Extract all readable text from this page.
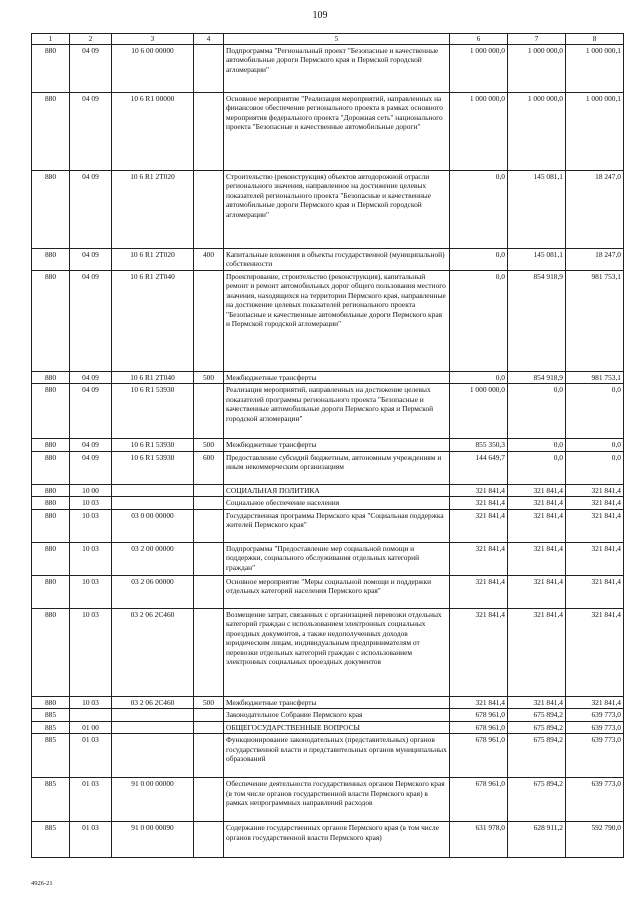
109
1	2	3	4	5	6	7	8
880	04 09	10 6 00 00000		Подпрограмма "Региональный проект "Безопасные и качественные автомобильные дороги Пермского края и Пермской городской агломерации"	1 000 000,0	1 000 000,0	1 000 000,1
880	04 09	10 6 R1 00000		Основное мероприятие "Реализация мероприятий, направленных на финансовое обеспечение регионального проекта в рамках основного мероприятия федерального проекта "Дорожная сеть" национального проекта "Безопасные и качественные автомобильные дороги"	1 000 000,0	1 000 000,0	1 000 000,1
880	04 09	10 6 R1 2Т020		Строительство (реконструкция) объектов автодорожной отрасли регионального значения, направленное на достижение целевых показателей регионального проекта "Безопасные и качественные автомобильные дороги Пермского края и Пермской городской агломерации"	0,0	145 081,1	18 247,0
880	04 09	10 6 R1 2Т020	400	Капитальные вложения в объекты государственной (муниципальной) собственности	0,0	145 081,1	18 247,0
880	04 09	10 6 R1 2Т040		Проектирование, строительство (реконструкция), капитальный ремонт и ремонт автомобильных дорог общего пользования местного значения, находящихся на территории Пермского края, направленные на достижение целевых показателей регионального проекта "Безопасные и качественные автомобильные дороги Пермского края и Пермской городской агломерации"	0,0	854 918,9	981 753,1
880	04 09	10 6 R1 2Т040	500	Межбюджетные трансферты	0,0	854 918,9	981 753,1
880	04 09	10 6 R1 53930		Реализация мероприятий, направленных на достижение целевых показателей программы регионального проекта "Безопасные и качественные автомобильные дороги Пермского края и Пермской городской агломерации"	1 000 000,0	0,0	0,0
880	04 09	10 6 R1 53930	500	Межбюджетные трансферты	855 350,3	0,0	0,0
880	04 09	10 6 R1 53930	600	Предоставление субсидий бюджетным, автономным учреждениям и иным некоммерческим организациям	144 649,7	0,0	0,0
880	10 00			СОЦИАЛЬНАЯ ПОЛИТИКА	321 841,4	321 841,4	321 841,4
880	10 03			Социальное обеспечение населения	321 841,4	321 841,4	321 841,4
880	10 03	03 0 00 00000		Государственная программа Пермского края "Социальная поддержка жителей Пермского края"	321 841,4	321 841,4	321 841,4
880	10 03	03 2 00 00000		Подпрограмма "Предоставление мер социальной помощи и поддержки, социального обслуживания отдельных категорий граждан"	321 841,4	321 841,4	321 841,4
880	10 03	03 2 06 00000		Основное мероприятие "Меры социальной помощи и поддержки отдельных категорий населения Пермского края"	321 841,4	321 841,4	321 841,4
880	10 03	03 2 06 2С460		Возмещение затрат, связанных с организацией перевозки отдельных категорий граждан с использованием электронных социальных проездных документов, а также недополученных доходов юридическим лицам, индивидуальным предпринимателям от перевозки отдельных категорий граждан с использованием электронных социальных проездных документов	321 841,4	321 841,4	321 841,4
880	10 03	03 2 06 2С460	500	Межбюджетные трансферты	321 841,4	321 841,4	321 841,4
885				Законодательное Собрание Пермского края	678 961,0	675 894,2	639 773,0
885	01 00			ОБЩЕГОСУДАРСТВЕННЫЕ ВОПРОСЫ	678 961,0	675 894,2	639 773,0
885	01 03			Функционирование законодательных (представительных) органов государственной власти и представительных органов муниципальных образований	678 961,0	675 894,2	639 773,0
885	01 03	91 0 00 00000		Обеспечение деятельности государственных органов Пермского края (в том числе органов государственной власти Пермского края) в рамках непрограммных направлений расходов	678 961,0	675 894,2	639 773,0
885	01 03	91 0 00 00090		Содержание государственных органов Пермского края (в том числе органов государственной власти Пермского края)	631 978,0	628 911,2	592 790,0
4926-21
